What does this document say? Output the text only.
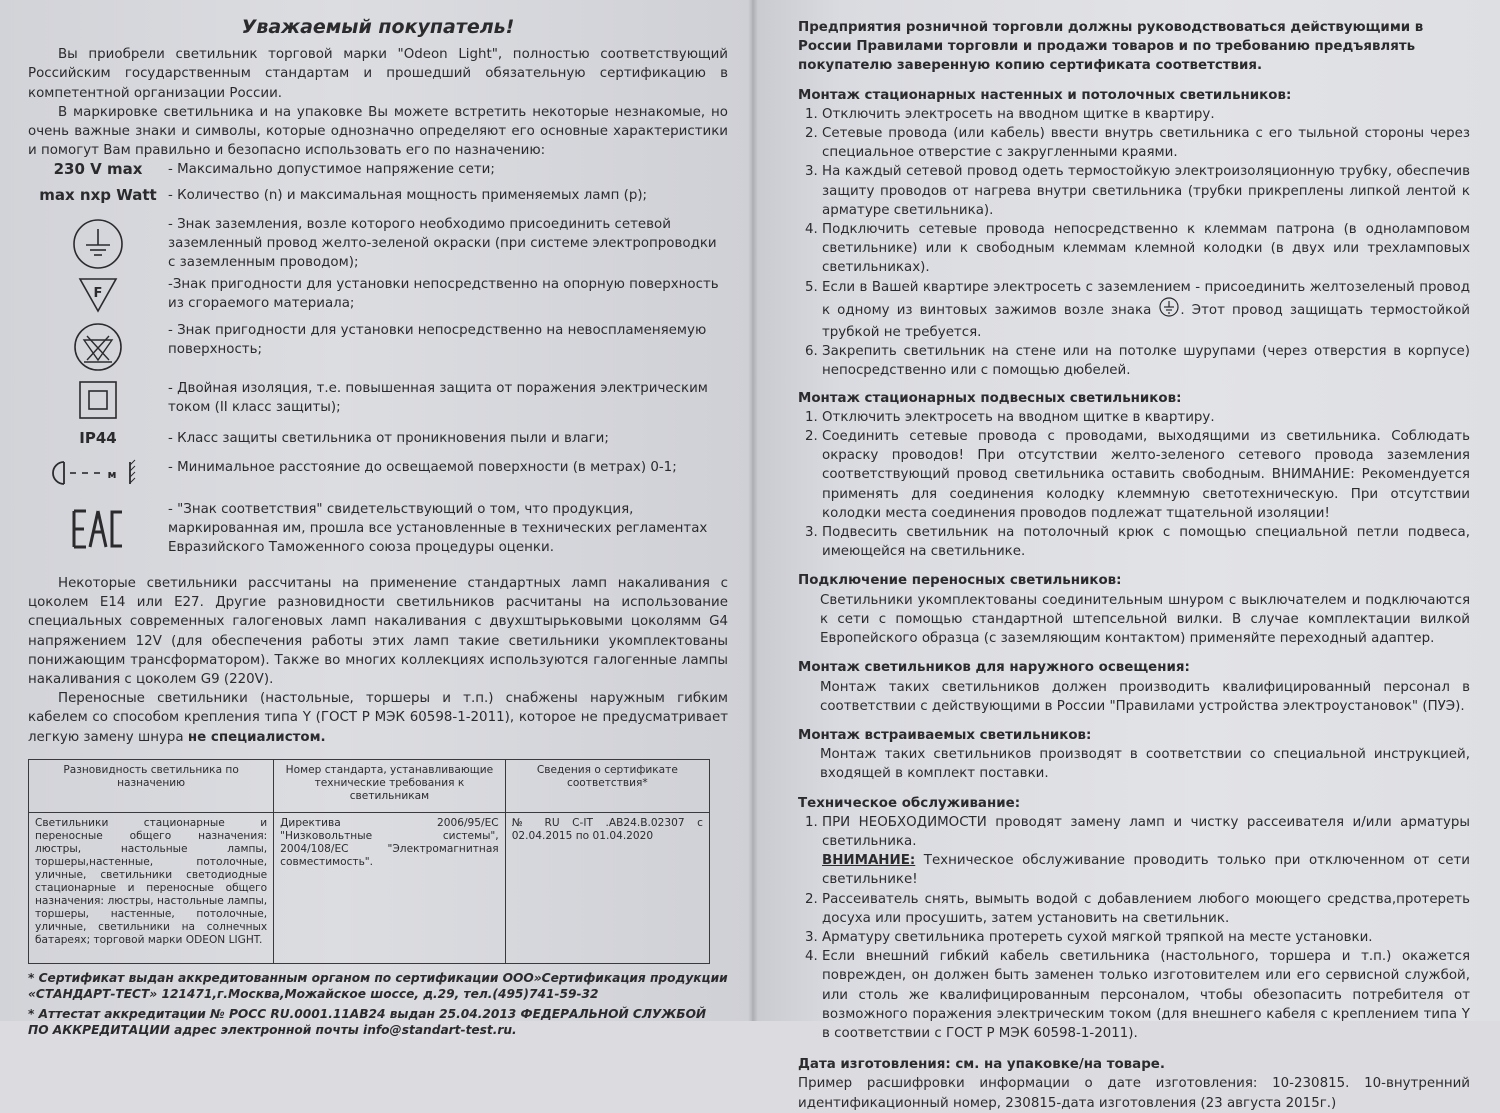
Уважаемый покупатель!

Вы приобрели светильник торговой марки "Odeon Light", полностью соответствующий Российским государственным стандартам и прошедший обязательную сертификацию в компетентной организации России.

В маркировке светильника и на упаковке Вы можете встретить некоторые незнакомые, но очень важные знаки и символы, которые однозначно определяют его основные характеристики и помогут Вам правильно и безопасно использовать его по назначению:

230 V max	- Максимально допустимое напряжение сети;
max nxp Watt - Количество (n) и максимальная мощность применяемых ламп (p);
- Знак заземления, возле которого необходимо присоединить сетевой заземленный провод желто-зеленой окраски (при системе электропроводки с заземленным проводом);
F
-Знак пригодности для установки непосредственно на опорную поверхность из сгораемого материала;
- Знак пригодности для установки непосредственно на невоспламеняемую поверхность;
- Двойная изоляция, т.е. повышенная защита от поражения электрическим током (II класс защиты);
IP44	- Класс защиты светильника от проникновения пыли и влаги;
м	- Минимальное расстояние до освещаемой поверхности (в метрах) 0-1;
- "Знак соответствия" свидетельствующий о том, что продукция, маркированная им, прошла все установленные в технических регламентах Евразийского Таможенного союза процедуры оценки.

Некоторые светильники рассчитаны на применение стандартных ламп накаливания с цоколем E14 или E27. Другие разновидности светильников расчитаны на использование специальных современных галогеновых ламп накаливания с двухштырьковыми цоколямм G4 напряжением 12V (для обеспечения работы этих ламп такие светильники укомплектованы понижающим трансформатором). Также во многих коллекциях используются галогенные лампы накаливания с цоколем G9 (220V).

Переносные светильники (настольные, торшеры и т.п.) снабжены наружным гибким кабелем со способом крепления типа Y (ГОСТ Р МЭК 60598-1-2011), которое не предусматривает легкую замену шнура не специалистом.

Разновидность светильника по назначению	Номер стандарта, устанавливающие технические требования к светильникам	Сведения о сертификате соответствия*
Светильники стационарные и переносные общего назначения: люстры, настольные лампы, торшеры,настенные, потолочные, уличные, светильники светодиодные стационарные и переносные общего назначения: люстры, настольные лампы, торшеры, настенные, потолочные, уличные, светильники на солнечных батареях; торговой марки ODEON LIGHT.	Директива 2006/95/EC "Низковольтные системы", 2004/108/EC "Электромагнитная совместимость".	№ RU C-IT .AB24.B.02307 с 02.04.2015 по 01.04.2020

* Сертификат выдан аккредитованным органом по сертификации ООО»Сертификация продукции «СТАНДАРТ-ТЕСТ» 121471,г.Москва,Можайское шоссе, д.29, тел.(495)741-59-32

* Аттестат аккредитации № РОСС RU.0001.11AB24 выдан 25.04.2013 ФЕДЕРАЛЬНОЙ СЛУЖБОЙ ПО АККРЕДИТАЦИИ адрес электронной почты info@standart-test.ru.

Предприятия розничной торговли должны руководствоваться действующими в России Правилами торговли и продажи товаров и по требованию предъявлять покупателю заверенную копию сертификата соответствия.

Монтаж стационарных настенных и потолочных светильников:

1. Отключить электросеть на вводном щитке в квартиру.
2. Сетевые провода (или кабель) ввести внутрь светильника с его тыльной стороны через специальное отверстие с закругленными краями.
3. На каждый сетевой провод одеть термостойкую электроизоляционную трубку, обеспечив защиту проводов от нагрева внутри светильника (трубки прикреплены липкой лентой к арматуре светильника).
4. Подключить сетевые провода непосредственно к клеммам патрона (в одноламповом светильнике) или к свободным клеммам клемной колодки (в двух или трехламповых светильниках).
5. Если в Вашей квартире электросеть с заземлением - присоединить желтозеленый провод к одному из винтовых зажимов возле знака . Этот провод защищать термостойкой трубкой не требуется.
6. Закрепить светильник на стене или на потолке шурупами (через отверстия в корпусе) непосредственно или с помощью дюбелей.

Монтаж стационарных подвесных светильников:

1. Отключить электросеть на вводном щитке в квартиру.
2. Соединить сетевые провода с проводами, выходящими из светильника. Соблюдать окраску проводов! При отсутствии желто-зеленого сетевого провода заземления соответствующий провод светильника оставить свободным. ВНИМАНИЕ: Рекомендуется применять для соединения колодку клеммную светотехническую. При отсутствии колодки места соединения проводов подлежат тщательной изоляции!
3. Подвесить светильник на потолочный крюк с помощью специальной петли подвеса, имеющейся на светильнике.

Подключение переносных светильников:

Светильники укомплектованы соединительным шнуром с выключателем и подключаются к сети с помощью стандартной штепсельной вилки. В случае комплектации вилкой Европейского образца (с заземляющим контактом) применяйте переходный адаптер.

Монтаж светильников для наружного освещения:

Монтаж таких светильников должен производить квалифицированный персонал в соответствии с действующими в России "Правилами устройства электроустановок" (ПУЭ).

Монтаж встраиваемых светильников:

Монтаж таких светильников производят в соответствии со специальной инструкцией, входящей в комплект поставки.

Техническое обслуживание:

1. ПРИ НЕОБХОДИМОСТИ проводят замену ламп и чистку рассеивателя и/или арматуры светильника.
ВНИМАНИЕ: Техническое обслуживание проводить только при отключенном от сети светильнике!
2. Рассеиватель снять, вымыть водой с добавлением любого моющего средства,протереть досуха или просушить, затем установить на светильник.
3. Арматуру светильника протереть сухой мягкой тряпкой на месте установки.
4. Если внешний гибкий кабель светильника (настольного, торшера и т.п.) окажется поврежден, он должен быть заменен только изготовителем или его сервисной службой, или столь же квалифицированным персоналом, чтобы обезопасить потребителя от возможного поражения электрическим током (для внешнего кабеля с креплением типа Y в соответствии с ГОСТ Р МЭК 60598-1-2011).

Дата изготовления: см. на упаковке/на товаре.

Пример расшифровки информации о дате изготовления: 10-230815. 10-внутренний идентификационный номер, 230815-дата изготовления (23 августа 2015г.)
